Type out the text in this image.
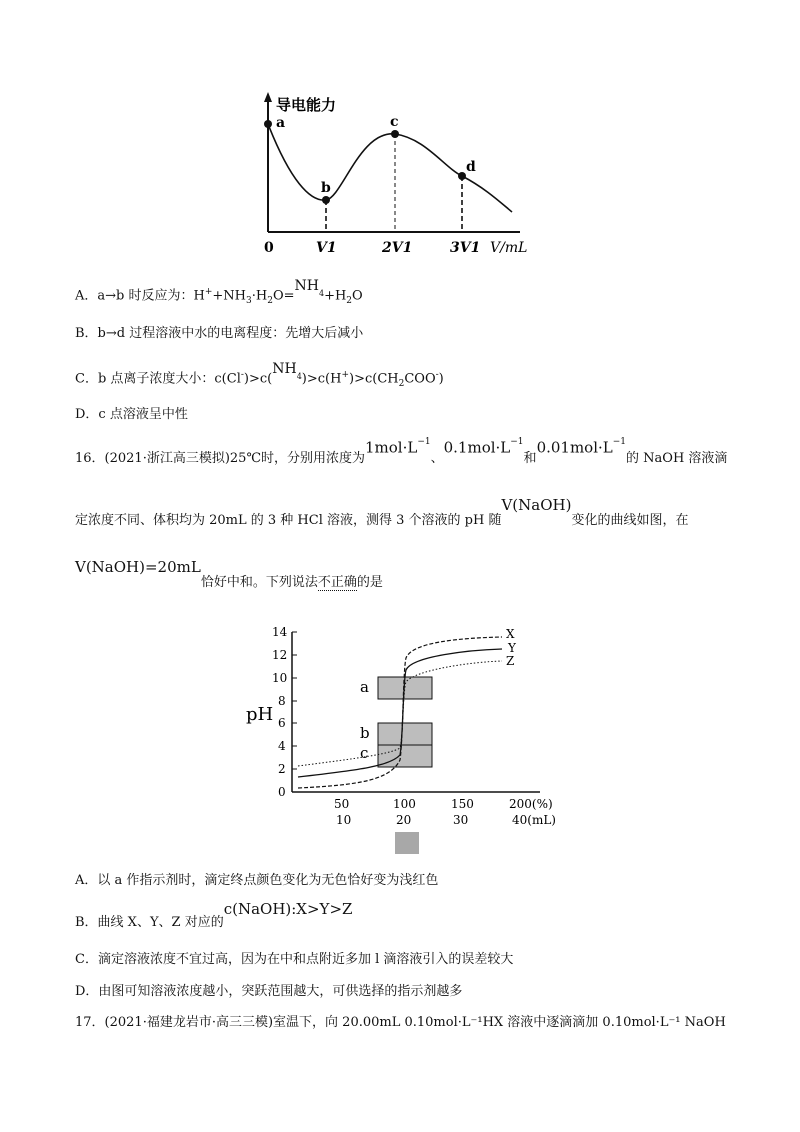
导电能力
a
b
c
d
0	V1	2V1	3V1 V/mL
A．a→b 时反应为：$H^++NH_3\cdot H_2O=NH_4+H_2O$
B．b→d 过程溶液中水的电离程度：先增大后减小
C．b 点离子浓度大小：$c(Cl^-)>c(NH_4)>c(H^+)>c(CH_2COO^-)$
D．c 点溶液呈中性
16．(2021·浙江高三模拟)25℃时，分别用浓度为$1mol\cdot L^{-1}$、$0.1mol\cdot L^{-1}$和$0.01mol\cdot L^{-1}$的 NaOH 溶液滴
定浓度不同、体积均为 20mL 的 3 种 HCl 溶液，测得 3 个溶液的 pH 随V(NaOH)变化的曲线如图，在
V(NaOH)=20mL恰好中和。下列说法不正确的是
14
12
10
8
6
4
2
0
pH
a
b
c
X
Y
Z
50	100	150	200(%)
10	20	30	40(mL)
A．以 a 作指示剂时，滴定终点颜色变化为无色恰好变为浅红色
B．曲线 X、Y、Z 对应的c(NaOH):X>Y>Z
C．滴定溶液浓度不宜过高，因为在中和点附近多加 l 滴溶液引入的误差较大
D．由图可知溶液浓度越小，突跃范围越大，可供选择的指示剂越多
17．(2021·福建龙岩市·高三三模)室温下，向 20.00mL 0.10mol·L⁻¹HX 溶液中逐滴滴加 0.10mol·L⁻¹ NaOH
